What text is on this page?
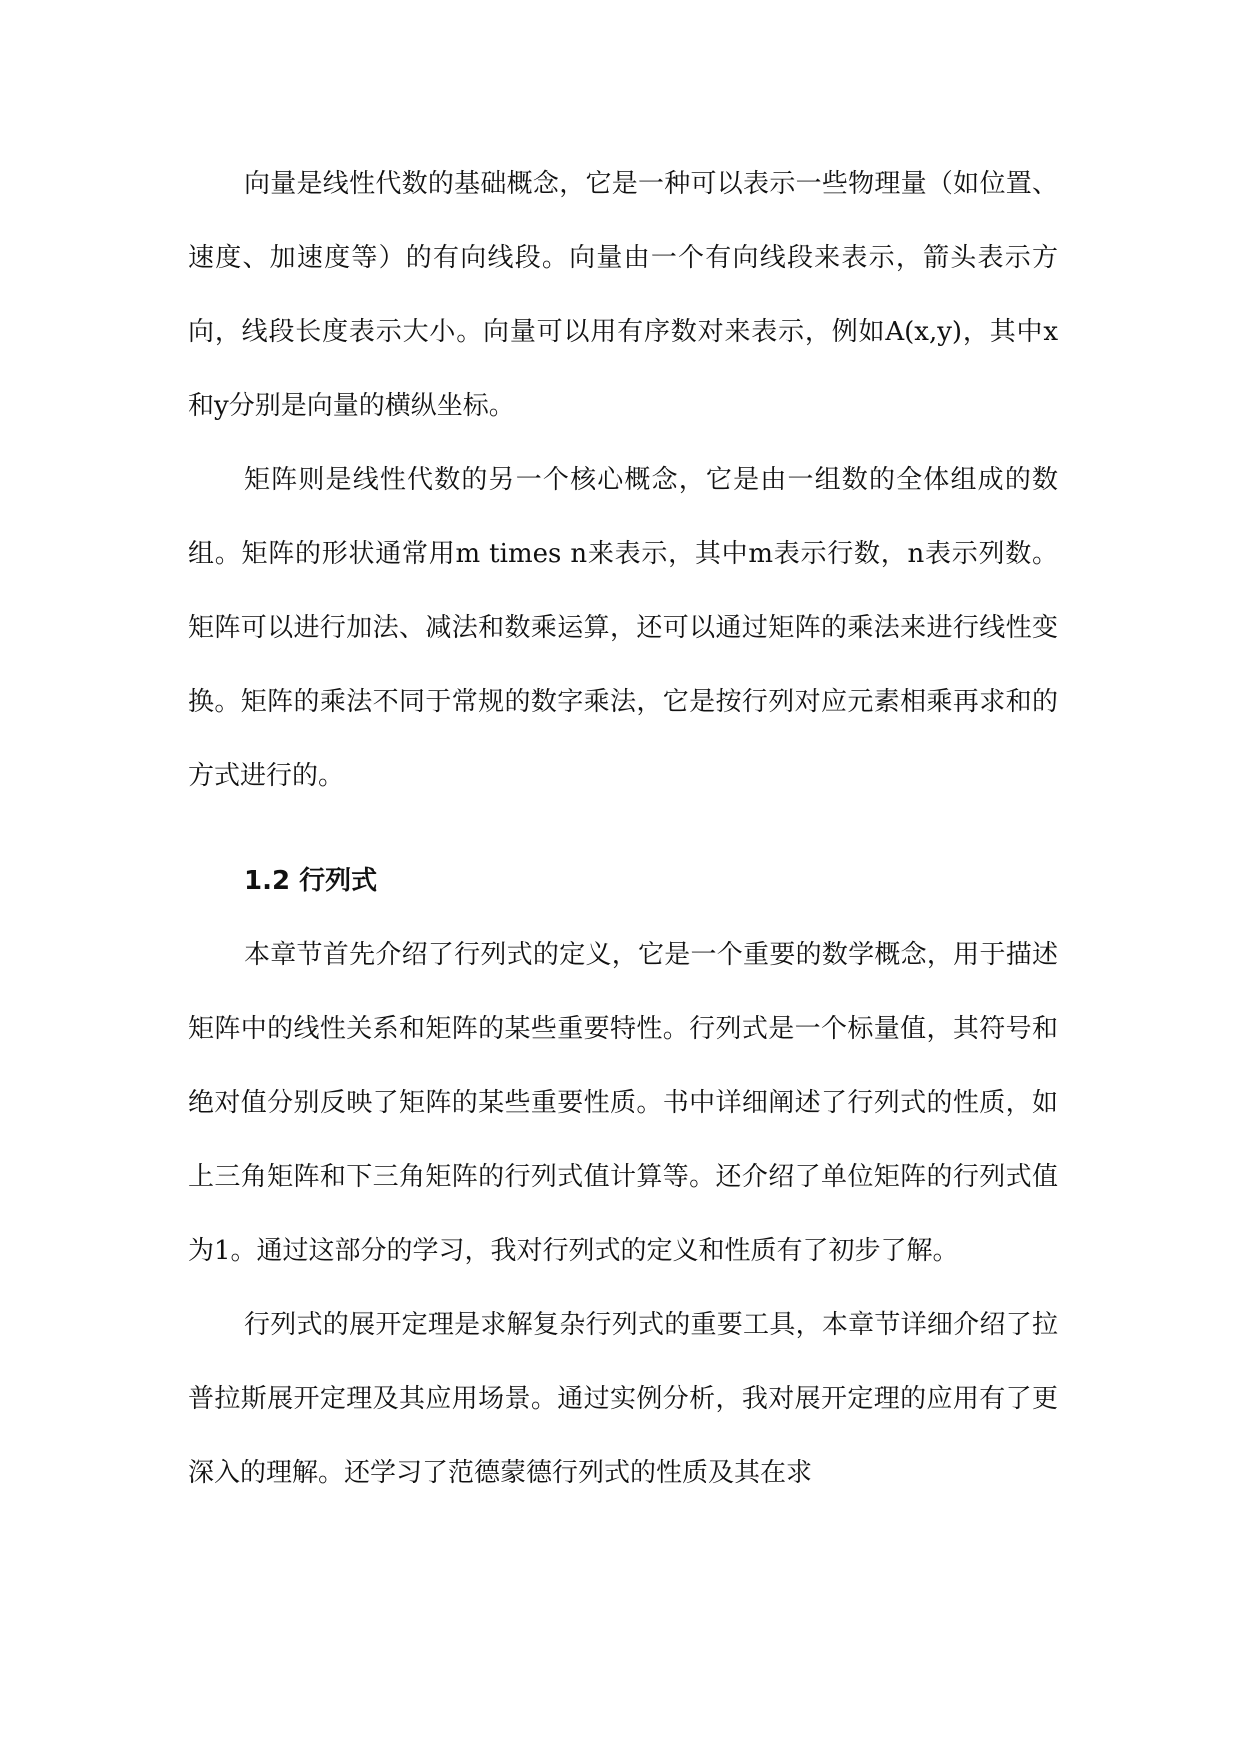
向量是线性代数的基础概念，它是一种可以表示一些物理量（如位置、速度、加速度等）的有向线段。向量由一个有向线段来表示，箭头表示方向，线段长度表示大小。向量可以用有序数对来表示，例如A(x,y)，其中x和y分别是向量的横纵坐标。

矩阵则是线性代数的另一个核心概念，它是由一组数的全体组成的数组。矩阵的形状通常用m times n来表示，其中m表示行数，n表示列数。矩阵可以进行加法、减法和数乘运算，还可以通过矩阵的乘法来进行线性变换。矩阵的乘法不同于常规的数字乘法，它是按行列对应元素相乘再求和的方式进行的。

1.2 行列式

本章节首先介绍了行列式的定义，它是一个重要的数学概念，用于描述矩阵中的线性关系和矩阵的某些重要特性。行列式是一个标量值，其符号和绝对值分别反映了矩阵的某些重要性质。书中详细阐述了行列式的性质，如上三角矩阵和下三角矩阵的行列式值计算等。还介绍了单位矩阵的行列式值为1。通过这部分的学习，我对行列式的定义和性质有了初步了解。

行列式的展开定理是求解复杂行列式的重要工具，本章节详细介绍了拉普拉斯展开定理及其应用场景。通过实例分析，我对展开定理的应用有了更深入的理解。还学习了范德蒙德行列式的性质及其在求
